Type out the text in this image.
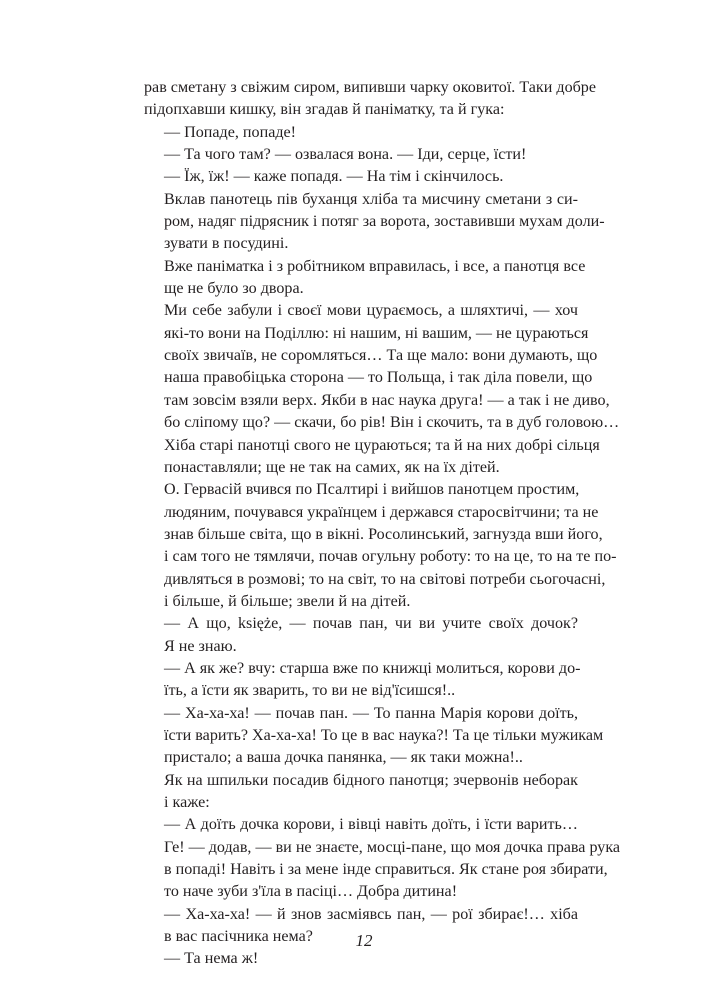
рав сметану з свіжим сиром, випивши чарку оковитої. Таки добре
підопхавши кишку, він згадав й паніматку, та й гука:

— Попаде, попаде!

— Та чого там? — озвалася вона. — Іди, серце, їсти!

— Їж, їж! — каже попадя. — На тім і скінчилось.

Вклав панотець пів буханця хліба та мисчину сметани з си-
ром, надяг підрясник і потяг за ворота, зоставивши мухам доли-
зувати в посудині.

Вже паніматка і з робітником вправилась, і все, а панотця все
ще не було зо двора.

Ми себе забули і своєї мови цураємось, а шляхтичі, — хоч
які-то вони на Поділлю: ні нашим, ні вашим, — не цураються
своїх звичаїв, не соромляться… Та ще мало: вони думають, що
наша правобіцька сторона — то Польща, і так діла повели, що
там зовсім взяли верх. Якби в нас наука друга! — а так і не диво,
бо сліпому що? — скачи, бо рів! Він і скочить, та в дуб головою…
Хіба старі панотці свого не цураються; та й на них добрі сільця
понаставляли; ще не так на самих, як на їх дітей.

О. Гервасій вчився по Псалтирі і вийшов панотцем простим,
людяним, почувався українцем і держався старосвітчини; та не
знав більше світа, що в вікні. Росолинський, загнузда вши його,
і сам того не тямлячи, почав огульну роботу: то на це, то на те по-
дивляться в розмові; то на світ, то на світові потреби сьогочасні,
і більше, й більше; звели й на дітей.

— А що, księże, — почав пан, чи ви учите своїх дочок?
Я не знаю.

— А як же? вчу: старша вже по книжці молиться, корови до-
їть, а їсти як зварить, то ви не від'їсишся!..

— Ха-ха-ха! — почав пан. — То панна Марія корови доїть,
їсти варить? Ха-ха-ха! То це в вас наука?! Та це тільки мужикам
пристало; а ваша дочка панянка, — як таки можна!..

Як на шпильки посадив бідного панотця; зчервонів неборак
і каже:

— А доїть дочка корови, і вівці навіть доїть, і їсти варить…
Ге! — додав, — ви не знаєте, мосці-пане, що моя дочка права рука
в попаді! Навіть і за мене інде справиться. Як стане роя збирати,
то наче зуби з'їла в пасіці… Добра дитина!

— Ха-ха-ха! — й знов засміявсь пан, — рої збирає!… хіба
в вас пасічника нема?

— Та нема ж!

12
